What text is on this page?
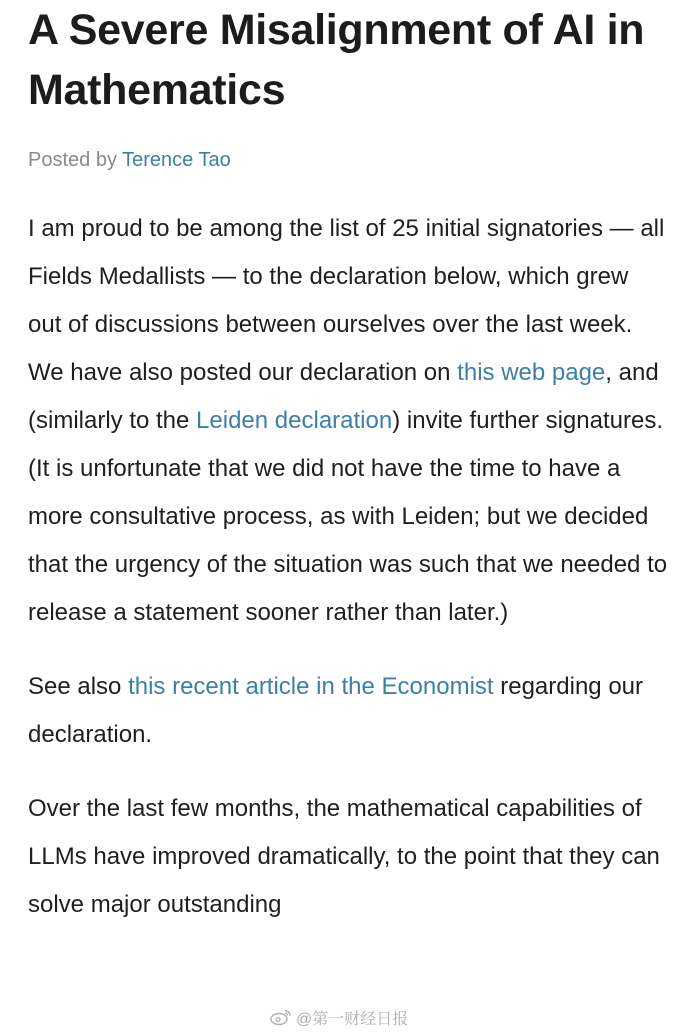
A Severe Misalignment of AI in Mathematics
Posted by Terence Tao

I am proud to be among the list of 25 initial signatories — all Fields Medallists — to the declaration below, which grew out of discussions between ourselves over the last week. We have also posted our declaration on this web page, and (similarly to the Leiden declaration) invite further signatures. (It is unfortunate that we did not have the time to have a more consultative process, as with Leiden; but we decided that the urgency of the situation was such that we needed to release a statement sooner rather than later.)

See also this recent article in the Economist regarding our declaration.

Over the last few months, the mathematical capabilities of LLMs have improved dramatically, to the point that they can solve major outstanding

@第一财经日报
